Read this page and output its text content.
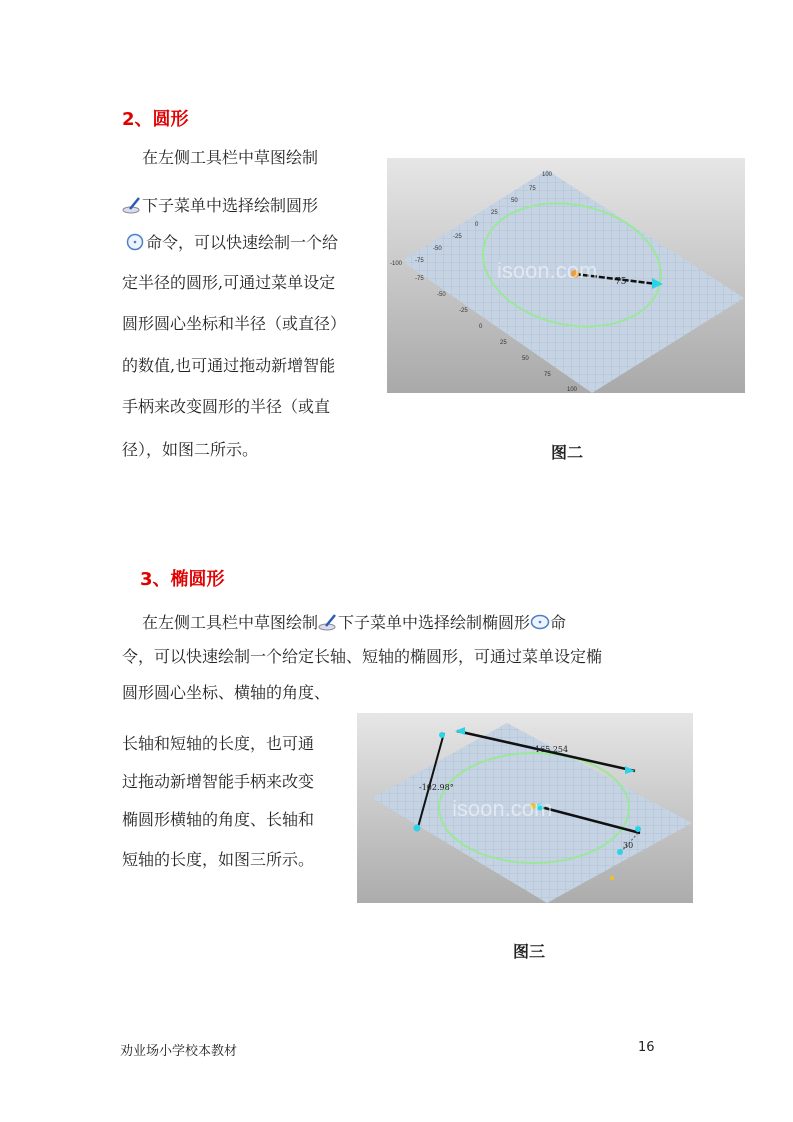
2、圆形
在左侧工具栏中草图绘制
下子菜单中选择绘制圆形
命令，可以快速绘制一个给
定半径的圆形,可通过菜单设定
圆形圆心坐标和半径（或直径）
的数值,也可通过拖动新增智能
手柄来改变圆形的半径（或直
径），如图二所示。
75
isoon.com
-75
-50
-25
0
25
50
75
100
-100
-75
-50
-25
0
25
50
75
100
图二
3、椭圆形
在左侧工具栏中草图绘制 下子菜单中选择绘制椭圆形 命
令，可以快速绘制一个给定长轴、短轴的椭圆形，可通过菜单设定椭
圆形圆心坐标、横轴的角度、
长轴和短轴的长度，也可通
过拖动新增智能手柄来改变
椭圆形横轴的角度、长轴和
短轴的长度，如图三所示。
165.254
-102.98°
30
isoon.com
图三
劝业场小学校本教材	16
